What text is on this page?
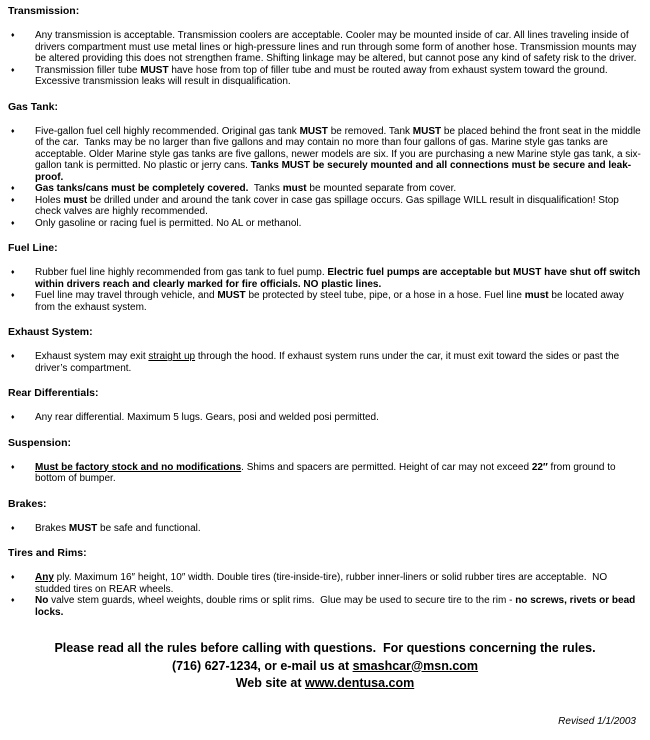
Transmission:
♦	Any transmission is acceptable. Transmission coolers are acceptable. Cooler may be mounted inside of car. All lines traveling inside of drivers compartment must use metal lines or high-pressure lines and run through some form of another hose. Transmission mounts may be altered providing this does not strengthen frame. Shifting linkage may be altered, but cannot pose any kind of safety risk to the driver.
♦	Transmission filler tube MUST have hose from top of filler tube and must be routed away from exhaust system toward the ground. Excessive transmission leaks will result in disqualification.
Gas Tank:
♦	Five-gallon fuel cell highly recommended. Original gas tank MUST be removed. Tank MUST be placed behind the front seat in the middle of the car.  Tanks may be no larger than five gallons and may contain no more than four gallons of gas. Marine style gas tanks are acceptable. Older Marine style gas tanks are five gallons, newer models are six. If you are purchasing a new Marine style gas tank, a six-gallon tank is permitted. No plastic or jerry cans. Tanks MUST be securely mounted and all connections must be secure and leak-proof.
♦	Gas tanks/cans must be completely covered.  Tanks must be mounted separate from cover.
♦	Holes must be drilled under and around the tank cover in case gas spillage occurs. Gas spillage WILL result in disqualification! Stop check valves are highly recommended.
♦	Only gasoline or racing fuel is permitted. No AL or methanol.
Fuel Line:
♦	Rubber fuel line highly recommended from gas tank to fuel pump. Electric fuel pumps are acceptable but MUST have shut off switch within drivers reach and clearly marked for fire officials. NO plastic lines.
♦	Fuel line may travel through vehicle, and MUST be protected by steel tube, pipe, or a hose in a hose. Fuel line must be located away from the exhaust system.
Exhaust System:
♦	Exhaust system may exit straight up through the hood. If exhaust system runs under the car, it must exit toward the sides or past the driver’s compartment.
Rear Differentials:
♦	Any rear differential. Maximum 5 lugs. Gears, posi and welded posi permitted.
Suspension:
♦	Must be factory stock and no modifications. Shims and spacers are permitted. Height of car may not exceed 22″ from ground to bottom of bumper.
Brakes:
♦	Brakes MUST be safe and functional.
Tires and Rims:
♦	Any ply. Maximum 16″ height, 10″ width. Double tires (tire-inside-tire), rubber inner-liners or solid rubber tires are acceptable.  NO studded tires on REAR wheels.
♦	No valve stem guards, wheel weights, double rims or split rims.  Glue may be used to secure tire to the rim - no screws, rivets or bead locks.
Please read all the rules before calling with questions.  For questions concerning the rules.
(716) 627-1234, or e-mail us at smashcar@msn.com
Web site at www.dentusa.com
Revised 1/1/2003
